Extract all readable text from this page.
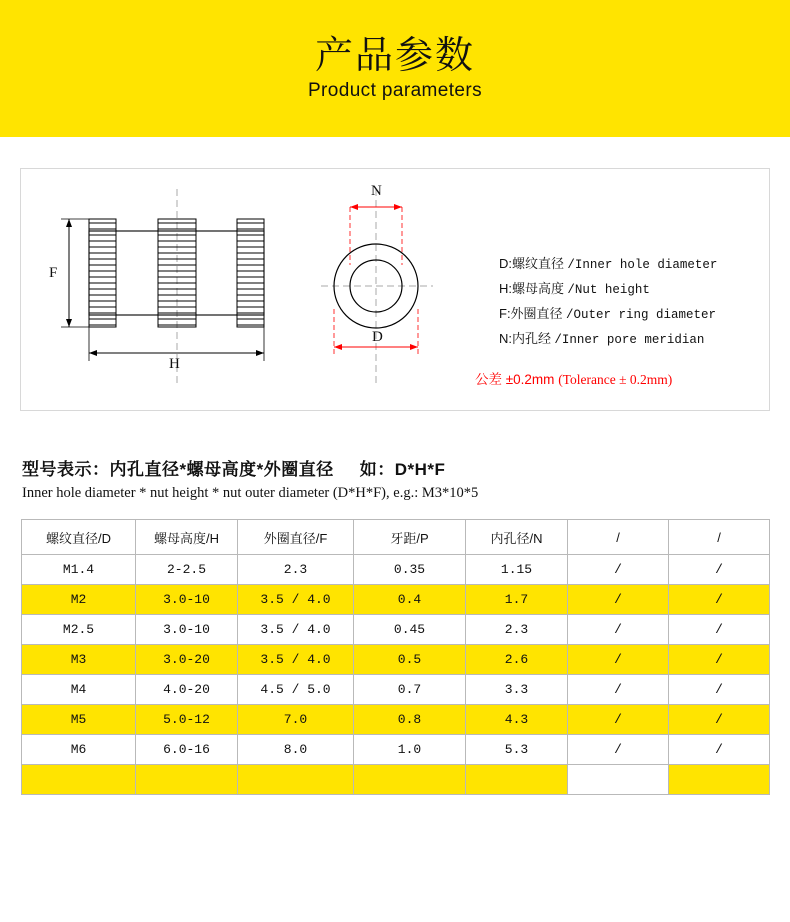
产品参数
Product parameters
F
H
N
D
D:螺纹直径 /Inner hole diameter
H:螺母高度 /Nut height
F:外圈直径 /Outer ring diameter
N:内孔经 /Inner pore meridian
公差 ±0.2mm (Tolerance ± 0.2mm)
型号表示：内孔直径*螺母高度*外圈直径 如：D*H*F
Inner hole diameter * nut height * nut outer diameter (D*H*F), e.g.: M3*10*5
螺纹直径/D	螺母高度/H	外圈直径/F	牙距/P	内孔径/N	/	/
M1.4	2-2.5	2.3	0.35	1.15	/	/
M2	3.0-10	3.5 / 4.0	0.4	1.7	/	/
M2.5	3.0-10	3.5 / 4.0	0.45	2.3	/	/
M3	3.0-20	3.5 / 4.0	0.5	2.6	/	/
M4	4.0-20	4.5 / 5.0	0.7	3.3	/	/
M5	5.0-12	7.0	0.8	4.3	/	/
M6	6.0-16	8.0	1.0	5.3	/	/
